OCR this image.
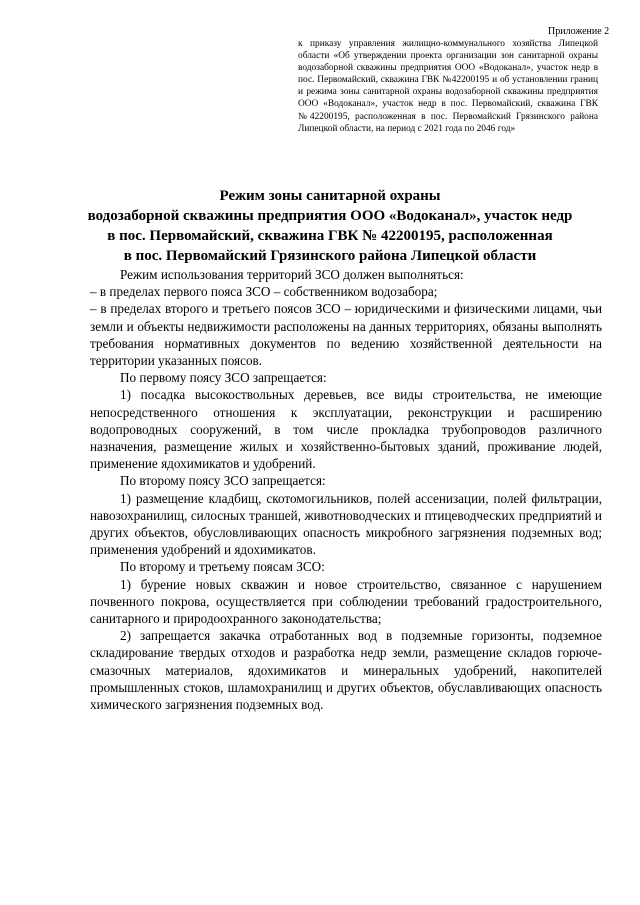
Приложение 2
к приказу управления жилищно-коммунального хозяйства Липецкой области «Об утверждении проекта организации зон санитарной охраны водозаборной скважины предприятия ООО «Водоканал», участок недр в пос. Первомайский, скважина ГВК №42200195 и об установлении границ и режима зоны санитарной охраны водозаборной скважины предприятия ООО «Водоканал», участок недр в пос. Первомайский, скважина ГВК №42200195, расположенная в пос. Первомайский Грязинского района Липецкой области, на период с 2021 года по 2046 год»
Режим зоны санитарной охраны
водозаборной скважины предприятия ООО «Водоканал», участок недр
в пос. Первомайский, скважина ГВК № 42200195, расположенная
в пос. Первомайский Грязинского района Липецкой области

Режим использования территорий ЗСО должен выполняться:

– в пределах первого пояса ЗСО – собственником водозабора;

– в пределах второго и третьего поясов ЗСО – юридическими и физическими лицами, чьи земли и объекты недвижимости расположены на данных территориях, обязаны выполнять требования нормативных документов по ведению хозяйственной деятельности на территории указанных поясов.

По первому поясу ЗСО запрещается:

1) посадка высокоствольных деревьев, все виды строительства, не имеющие непосредственного отношения к эксплуатации, реконструкции и расширению водопроводных сооружений, в том числе прокладка трубопроводов различного назначения, размещение жилых и хозяйственно-бытовых зданий, проживание людей, применение ядохимикатов и удобрений.

По второму поясу ЗСО запрещается:

1) размещение кладбищ, скотомогильников, полей ассенизации, полей фильтрации, навозохранилищ, силосных траншей, животноводческих и птицеводческих предприятий и других объектов, обусловливающих опасность микробного загрязнения подземных вод; применения удобрений и ядохимикатов.

По второму и третьему поясам ЗСО:

1) бурение новых скважин и новое строительство, связанное с нарушением почвенного покрова, осуществляется при соблюдении требований градостроительного, санитарного и природоохранного законодательства;

2) запрещается закачка отработанных вод в подземные горизонты, подземное складирование твердых отходов и разработка недр земли, размещение складов горюче-смазочных материалов, ядохимикатов и минеральных удобрений, накопителей промышленных стоков, шламохранилищ и других объектов, обуславливающих опасность химического загрязнения подземных вод.
